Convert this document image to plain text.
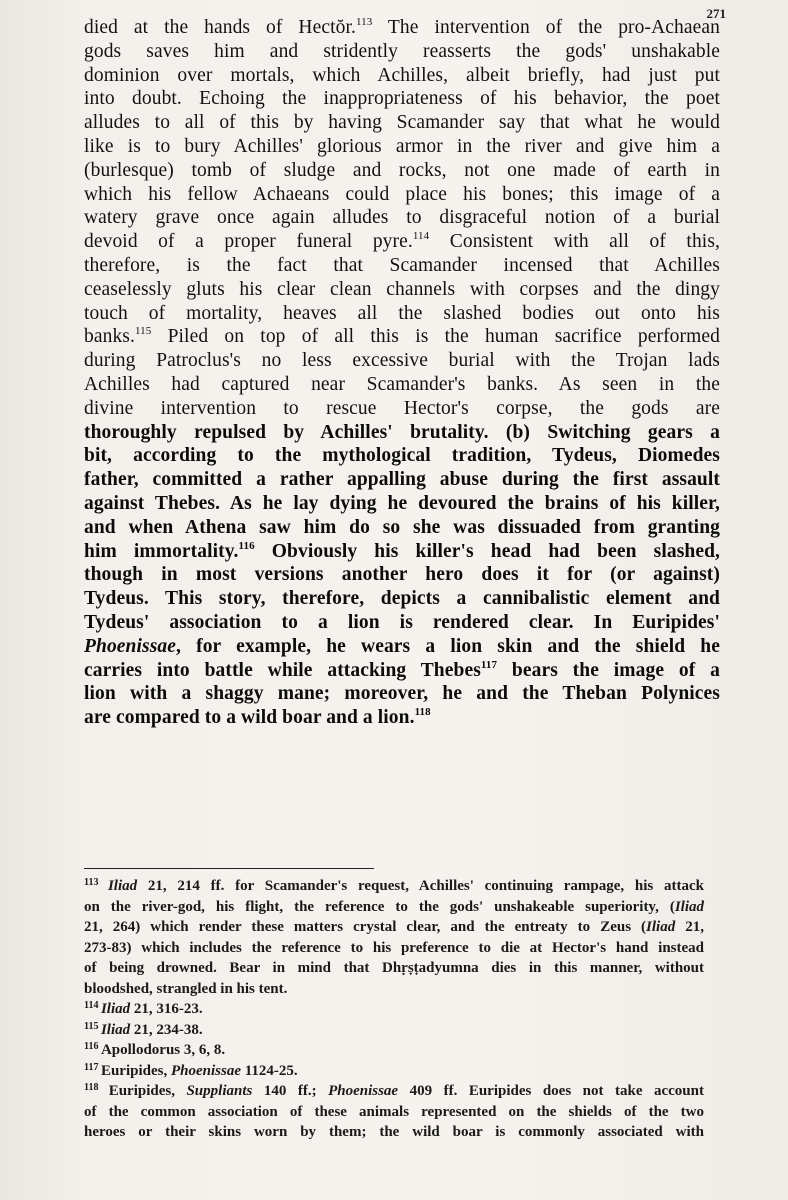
271
died at the hands of Hectŏr.$^{113}$ The intervention of the pro-Achaean
gods saves him and stridently reasserts the gods' unshakable
dominion over mortals, which Achilles, albeit briefly, had just put
into doubt. Echoing the inappropriateness of his behavior, the poet
alludes to all of this by having Scamander say that what he would
like is to bury Achilles' glorious armor in the river and give him a
(burlesque) tomb of sludge and rocks, not one made of earth in
which his fellow Achaeans could place his bones; this image of a
watery grave once again alludes to disgraceful notion of a burial
devoid of a proper funeral pyre.$^{114}$ Consistent with all of this,
therefore, is the fact that Scamander incensed that Achilles
ceaselessly gluts his clear clean channels with corpses and the dingy
touch of mortality, heaves all the slashed bodies out onto his
banks.$^{115}$ Piled on top of all this is the human sacrifice performed
during Patroclus's no less excessive burial with the Trojan lads
Achilles had captured near Scamander's banks. As seen in the
divine intervention to rescue Hector's corpse, the gods are
thoroughly repulsed by Achilles' brutality. (b) Switching gears a
bit, according to the mythological tradition, Tydeus, Diomedes
father, committed a rather appalling abuse during the first assault
against Thebes. As he lay dying he devoured the brains of his killer,
and when Athena saw him do so she was dissuaded from granting
him immortality.$^{116}$ Obviously his killer's head had been slashed,
though in most versions another hero does it for (or against)
Tydeus. This story, therefore, depicts a cannibalistic element and
Tydeus' association to a lion is rendered clear. In Euripides'
Phoenissae, for example, he wears a lion skin and the shield he
carries into battle while attacking Thebes$^{117}$ bears the image of a
lion with a shaggy mane; moreover, he and the Theban Polynices
are compared to a wild boar and a lion.$^{118}$
$^{113}$ Iliad 21, 214 ff. for Scamander's request, Achilles' continuing rampage, his attack
on the river-god, his flight, the reference to the gods' unshakeable superiority, (Iliad
21, 264) which render these matters crystal clear, and the entreaty to Zeus (Iliad 21,
273-83) which includes the reference to his preference to die at Hector's hand instead
of being drowned. Bear in mind that Dhṛṣṭadyumna dies in this manner, without
bloodshed, strangled in his tent.
$^{114}$ Iliad 21, 316-23.
$^{115}$ Iliad 21, 234-38.
$^{116}$ Apollodorus 3, 6, 8.
$^{117}$ Euripides, Phoenissae 1124-25.
$^{118}$ Euripides, Suppliants 140 ff.; Phoenissae 409 ff. Euripides does not take account
of the common association of these animals represented on the shields of the two
heroes or their skins worn by them; the wild boar is commonly associated with
